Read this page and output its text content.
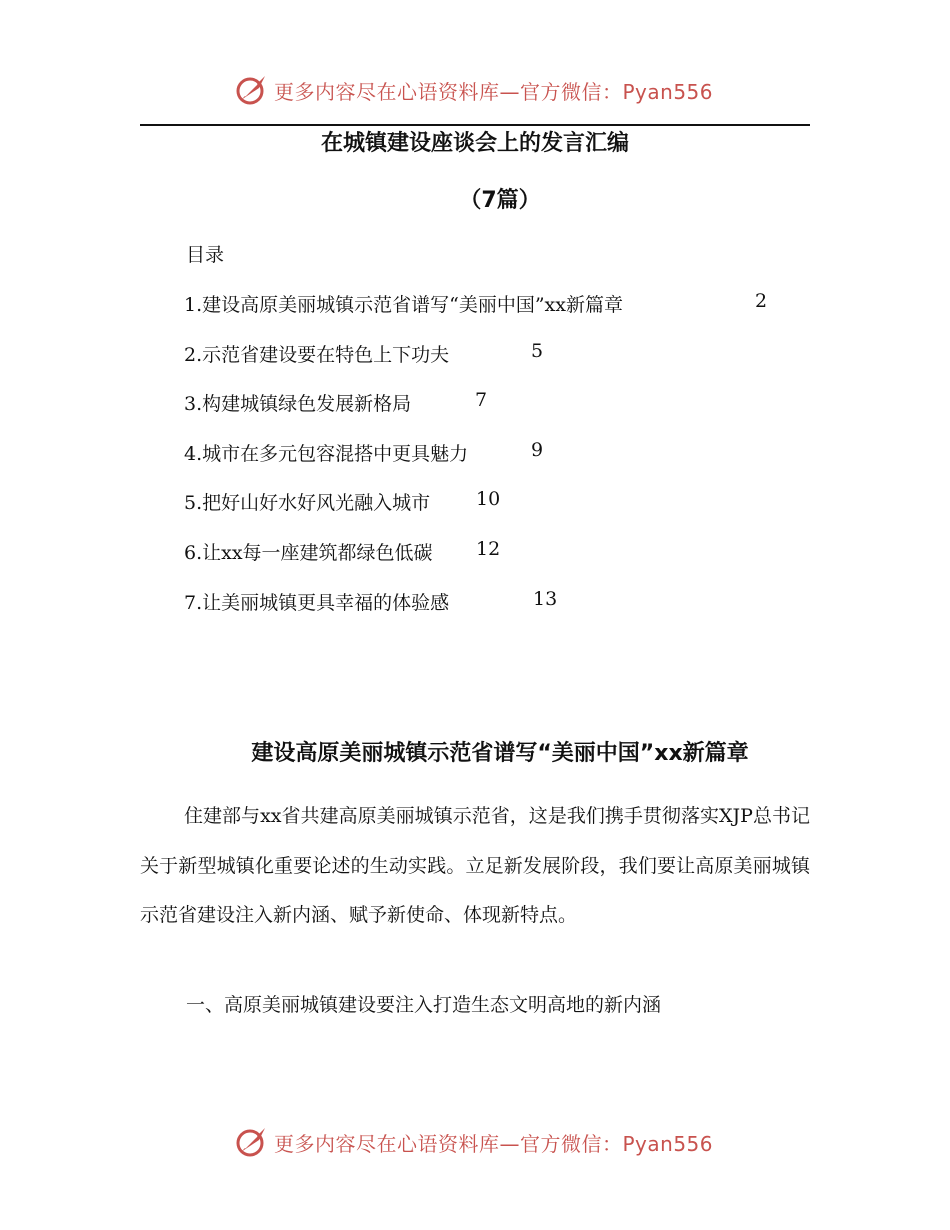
更多内容尽在心语资料库—官方微信：Pyan556
在城镇建设座谈会上的发言汇编
（7篇）
目录
1.建设高原美丽城镇示范省谱写“美丽中国”xx新篇章	2
2.示范省建设要在特色上下功夫	5
3.构建城镇绿色发展新格局	7
4.城市在多元包容混搭中更具魅力	9
5.把好山好水好风光融入城市 10
6.让xx每一座建筑都绿色低碳 12
7.让美丽城镇更具幸福的体验感	13
建设高原美丽城镇示范省谱写“美丽中国”xx新篇章

住建部与xx省共建高原美丽城镇示范省，这是我们携手贯彻落实XJP总书记关于新型城镇化重要论述的生动实践。立足新发展阶段，我们要让高原美丽城镇示范省建设注入新内涵、赋予新使命、体现新特点。

一、高原美丽城镇建设要注入打造生态文明高地的新内涵
更多内容尽在心语资料库—官方微信：Pyan556
